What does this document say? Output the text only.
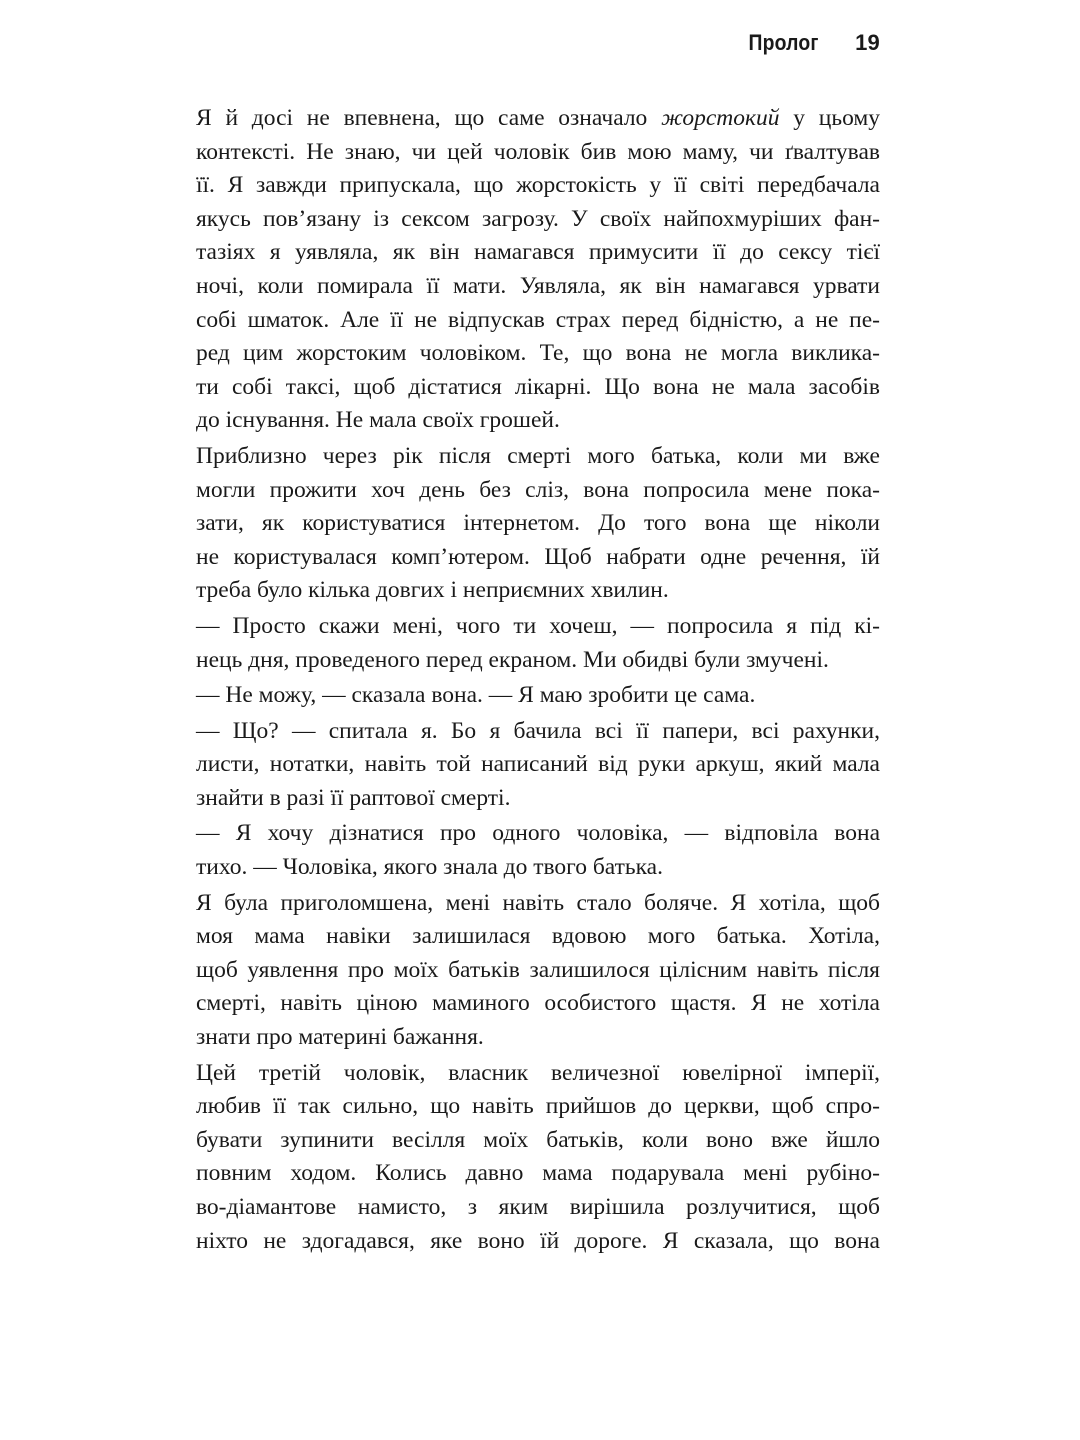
Пролог 19
Я й досі не впевнена, що саме означало жорстокий у цьому
контексті. Не знаю, чи цей чоловік бив мою маму, чи ґвалтував
її. Я завжди припускала, що жорстокість у її світі передбачала
якусь пов’язану із сексом загрозу. У своїх найпохмуріших фан-
тазіях я уявляла, як він намагався примусити її до сексу тієї
ночі, коли помирала її мати. Уявляла, як він намагався урвати
собі шматок. Але її не відпускав страх перед бідністю, а не пе-
ред цим жорстоким чоловіком. Те, що вона не могла виклика-
ти собі таксі, щоб дістатися лікарні. Що вона не мала засобів
до існування. Не мала своїх грошей.
Приблизно через рік після смерті мого батька, коли ми вже
могли прожити хоч день без сліз, вона попросила мене пока-
зати, як користуватися інтернетом. До того вона ще ніколи
не користувалася комп’ютером. Щоб набрати одне речення, їй
треба було кілька довгих і неприємних хвилин.
— Просто скажи мені, чого ти хочеш, — попросила я під кі-
нець дня, проведеного перед екраном. Ми обидві були змучені.
— Не можу, — сказала вона. — Я маю зробити це сама.
— Що? — спитала я. Бо я бачила всі її папери, всі рахунки,
листи, нотатки, навіть той написаний від руки аркуш, який мала
знайти в разі її раптової смерті.
— Я хочу дізнатися про одного чоловіка, — відповіла вона
тихо. — Чоловіка, якого знала до твого батька.
Я була приголомшена, мені навіть стало боляче. Я хотіла, щоб
моя мама навіки залишилася вдовою мого батька. Хотіла,
щоб уявлення про моїх батьків залишилося цілісним навіть після
смерті, навіть ціною маминого особистого щастя. Я не хотіла
знати про материні бажання.
Цей третій чоловік, власник величезної ювелірної імперії,
любив її так сильно, що навіть прийшов до церкви, щоб спро-
бувати зупинити весілля моїх батьків, коли воно вже йшло
повним ходом. Колись давно мама подарувала мені рубіно-
во-діамантове намисто, з яким вирішила розлучитися, щоб
ніхто не здогадався, яке воно їй дороге. Я сказала, що вона
